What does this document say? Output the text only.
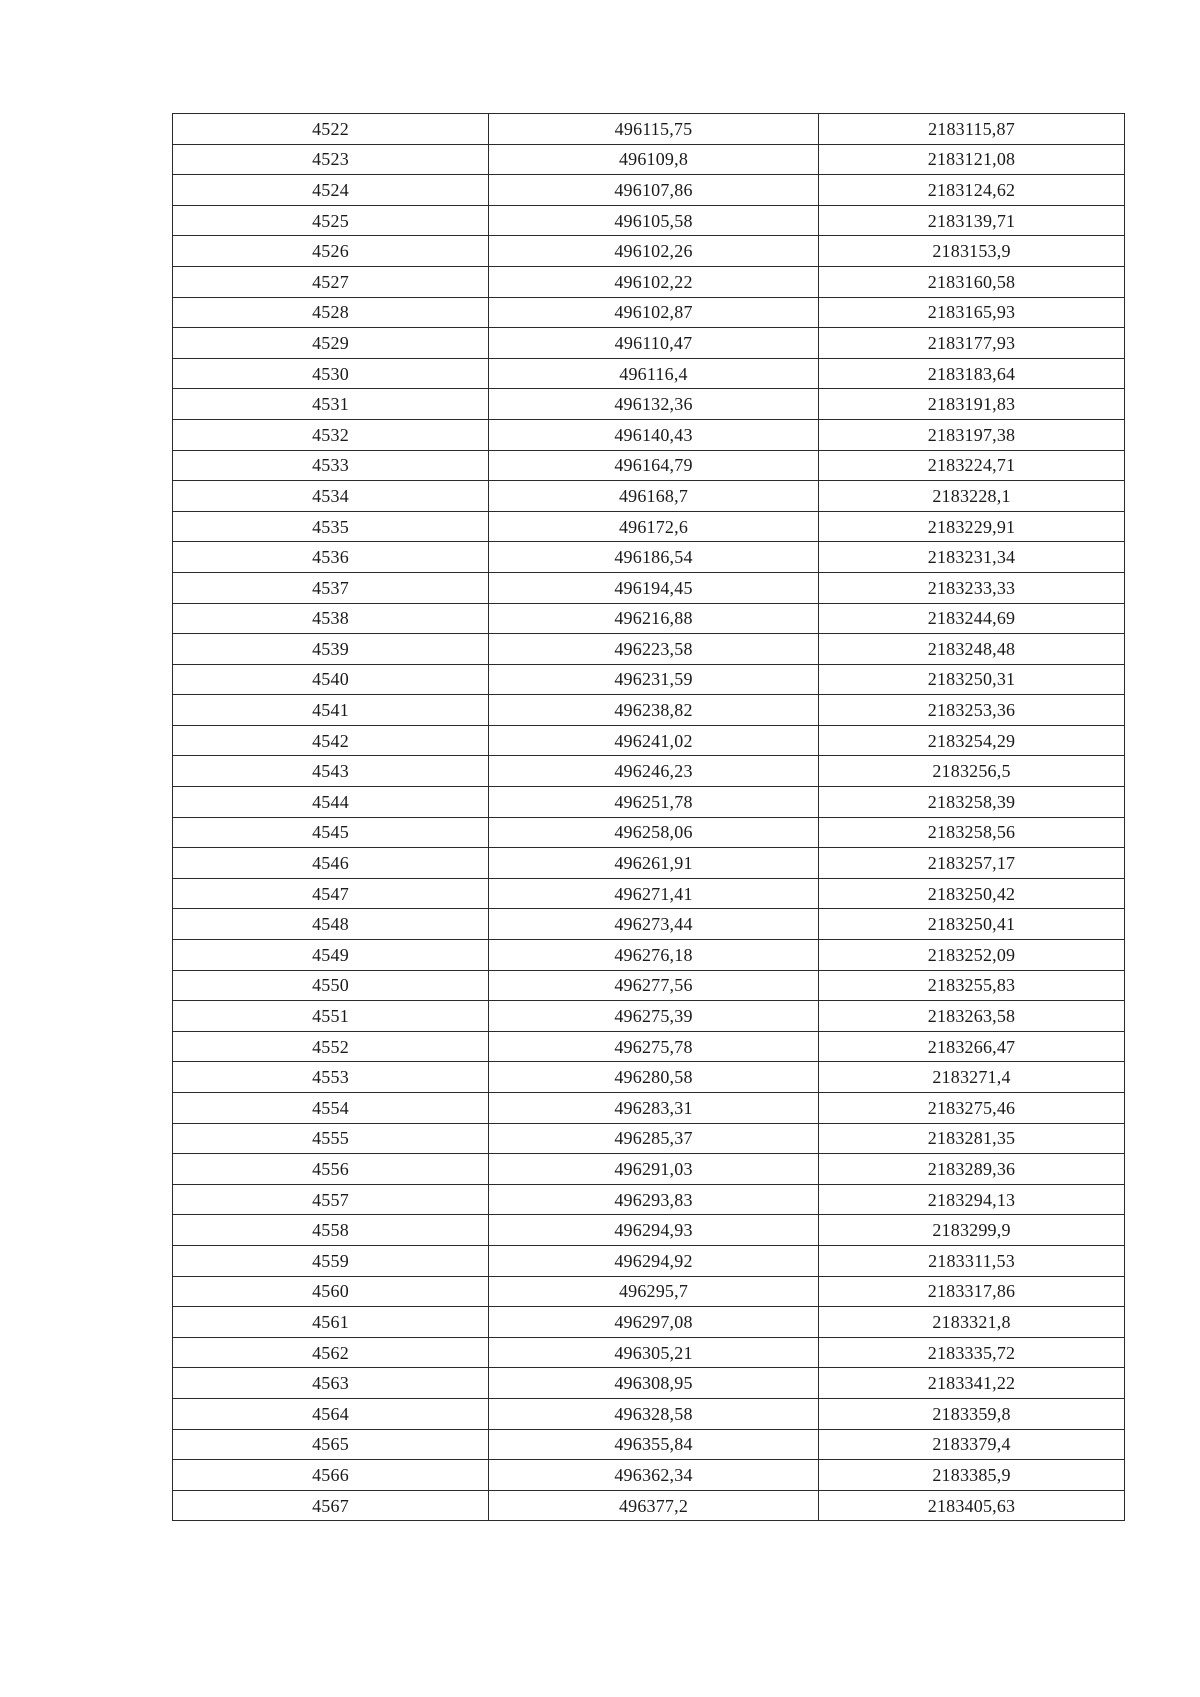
4522	496115,75	2183115,87
4523	496109,8	2183121,08
4524	496107,86	2183124,62
4525	496105,58	2183139,71
4526	496102,26	2183153,9
4527	496102,22	2183160,58
4528	496102,87	2183165,93
4529	496110,47	2183177,93
4530	496116,4	2183183,64
4531	496132,36	2183191,83
4532	496140,43	2183197,38
4533	496164,79	2183224,71
4534	496168,7	2183228,1
4535	496172,6	2183229,91
4536	496186,54	2183231,34
4537	496194,45	2183233,33
4538	496216,88	2183244,69
4539	496223,58	2183248,48
4540	496231,59	2183250,31
4541	496238,82	2183253,36
4542	496241,02	2183254,29
4543	496246,23	2183256,5
4544	496251,78	2183258,39
4545	496258,06	2183258,56
4546	496261,91	2183257,17
4547	496271,41	2183250,42
4548	496273,44	2183250,41
4549	496276,18	2183252,09
4550	496277,56	2183255,83
4551	496275,39	2183263,58
4552	496275,78	2183266,47
4553	496280,58	2183271,4
4554	496283,31	2183275,46
4555	496285,37	2183281,35
4556	496291,03	2183289,36
4557	496293,83	2183294,13
4558	496294,93	2183299,9
4559	496294,92	2183311,53
4560	496295,7	2183317,86
4561	496297,08	2183321,8
4562	496305,21	2183335,72
4563	496308,95	2183341,22
4564	496328,58	2183359,8
4565	496355,84	2183379,4
4566	496362,34	2183385,9
4567	496377,2	2183405,63
